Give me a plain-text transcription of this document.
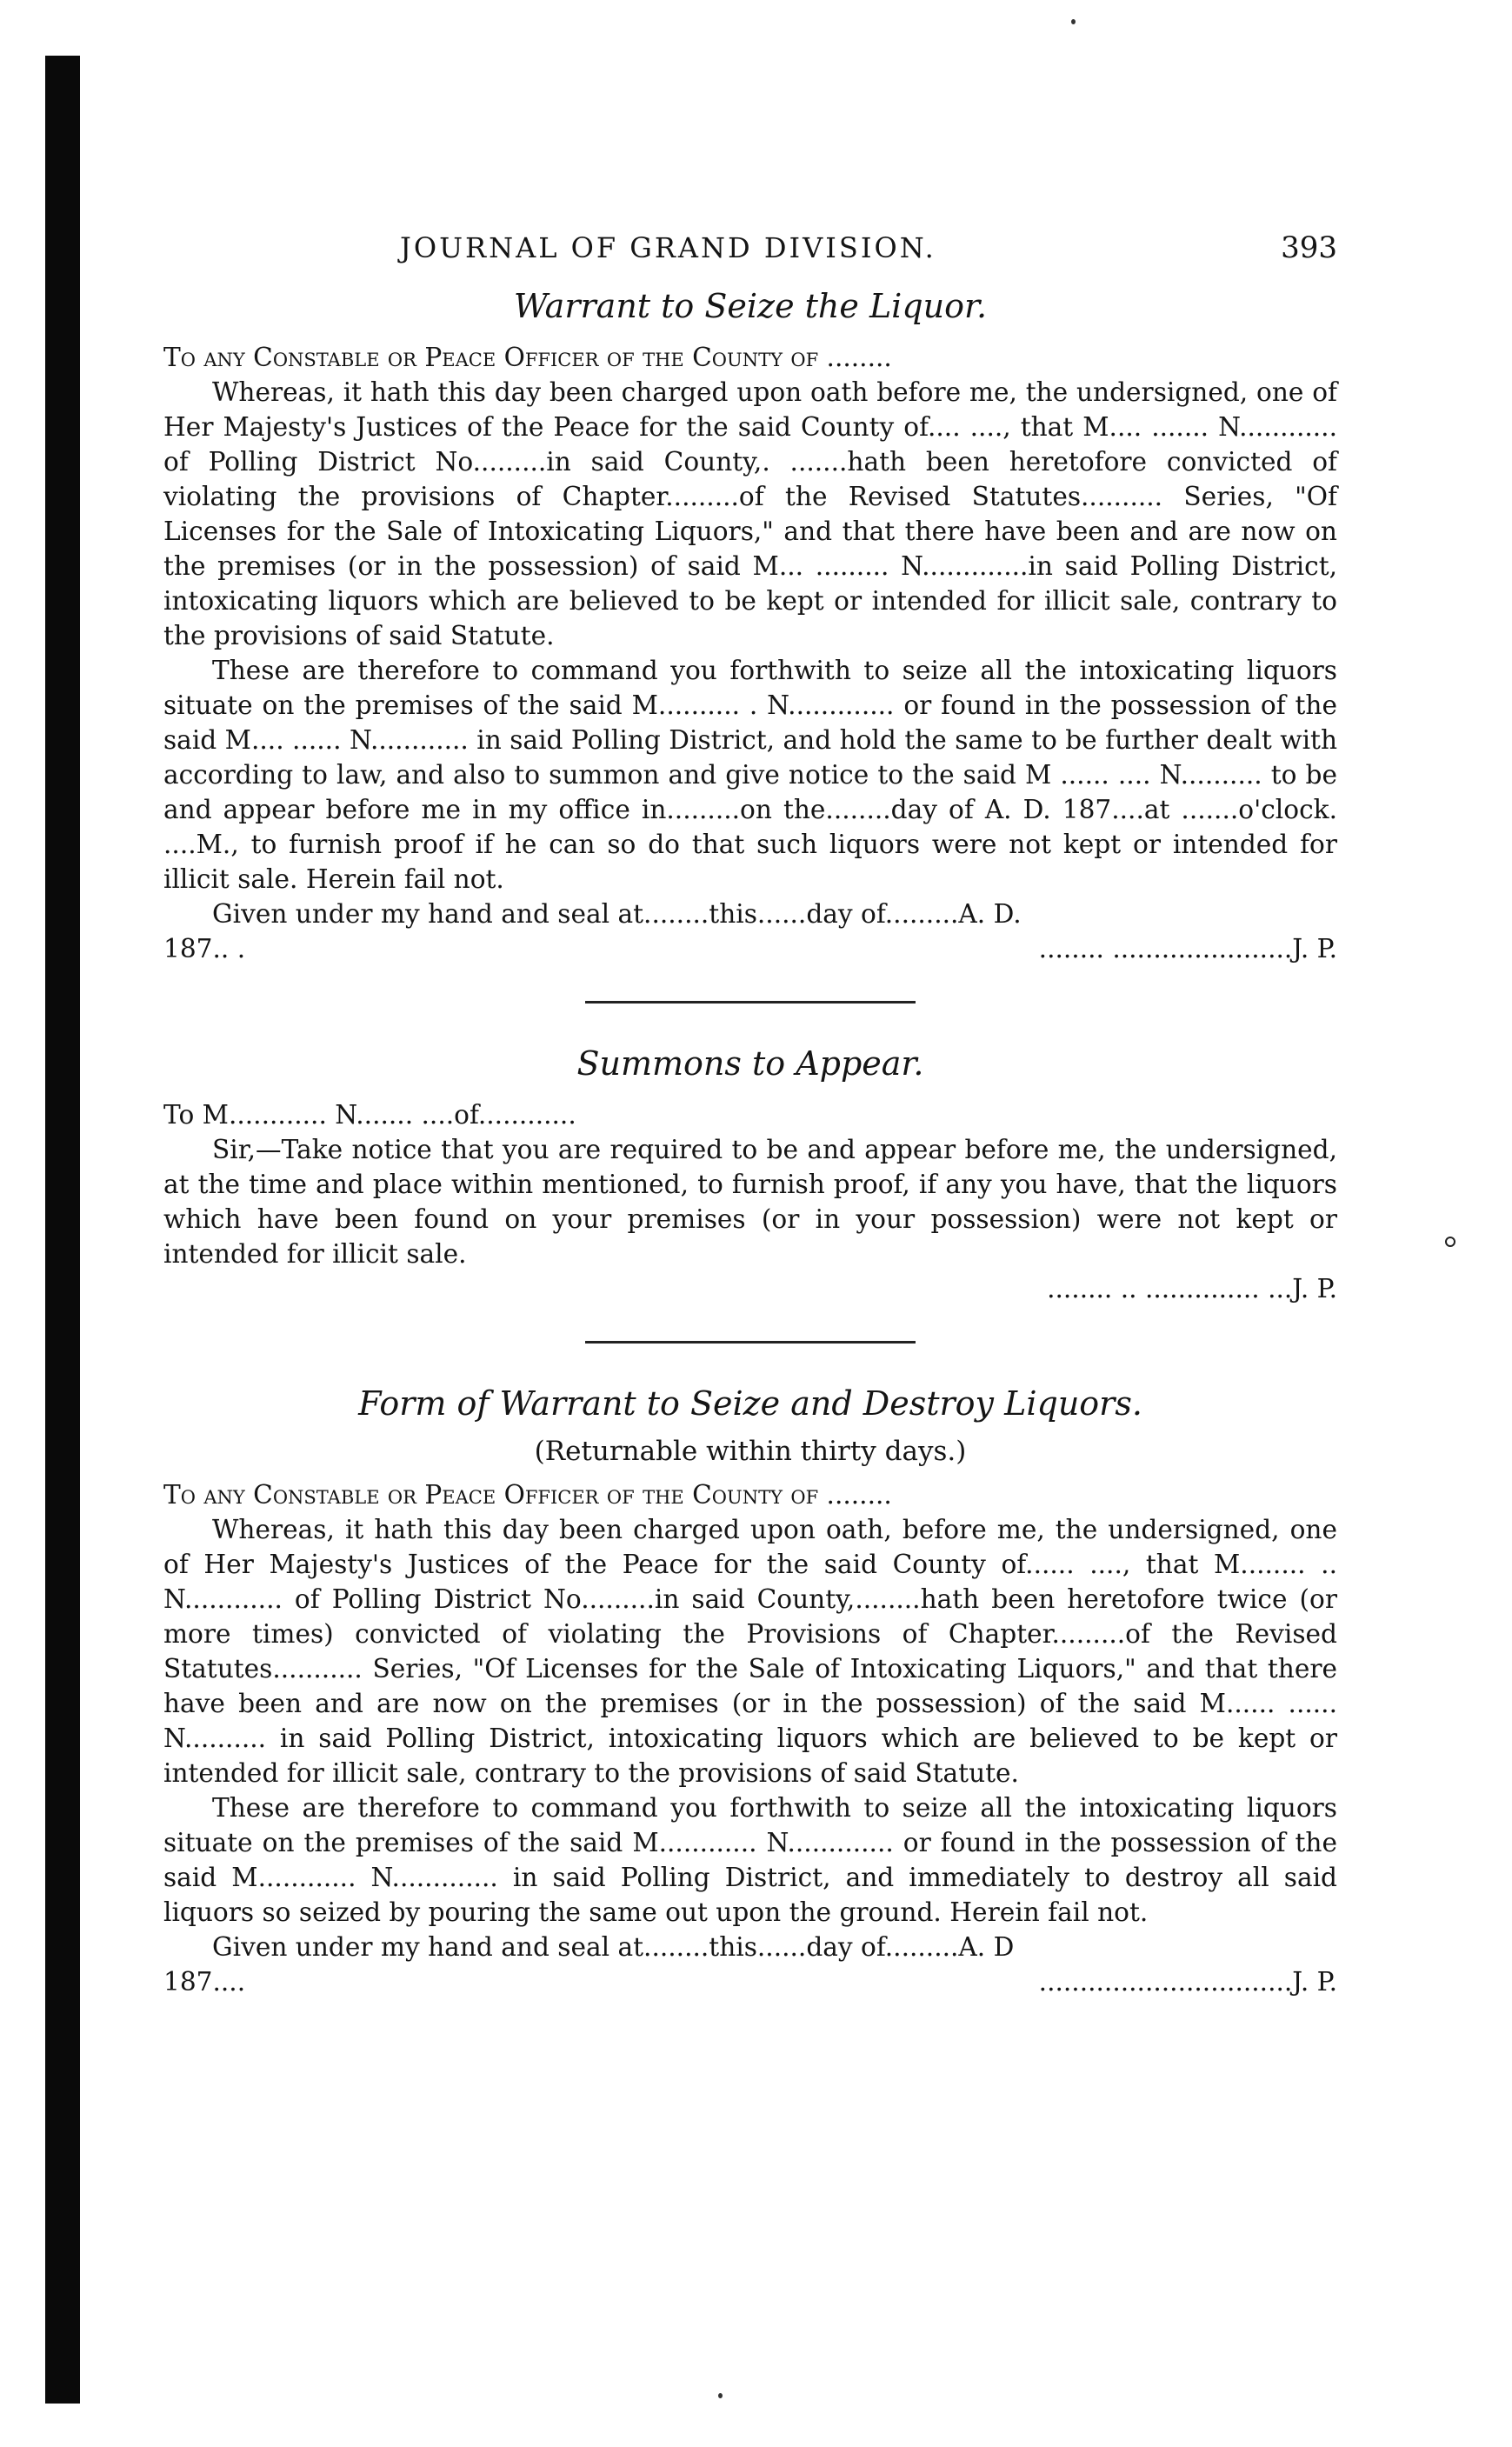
JOURNAL OF GRAND DIVISION.	393
Warrant to Seize the Liquor.

To any Constable or Peace Officer of the County of ........

Whereas, it hath this day been charged upon oath before me, the undersigned, one of Her Majesty's Justices of the Peace for the said County of.... ...., that M.... ....... N............ of Polling District No.........in said County,. .......hath been heretofore convicted of violating the provisions of Chapter.........of the Revised Statutes.......... Series, "Of Licenses for the Sale of Intoxicating Liquors," and that there have been and are now on the premises (or in the possession) of said M... ......... N.............in said Polling District, intoxicating liquors which are believed to be kept or intended for illicit sale, contrary to the provisions of said Statute.

These are therefore to command you forthwith to seize all the intoxicating liquors situate on the premises of the said M.......... . N............. or found in the possession of the said M.... ...... N............ in said Polling District, and hold the same to be further dealt with according to law, and also to summon and give notice to the said M ...... .... N.......... to be and appear before me in my office in.........on the........day of A. D. 187....at .......o'clock. ....M., to furnish proof if he can so do that such liquors were not kept or intended for illicit sale. Herein fail not.

Given under my hand and seal at........this......day of.........A. D.

187.. .	........ ......................J. P.
Summons to Appear.

To M............ N....... ....of............

Sir,—Take notice that you are required to be and appear before me, the undersigned, at the time and place within mentioned, to furnish proof, if any you have, that the liquors which have been found on your premises (or in your possession) were not kept or intended for illicit sale.

........ .. .............. ...J. P.

Form of Warrant to Seize and Destroy Liquors.
(Returnable within thirty days.)

To any Constable or Peace Officer of the County of ........

Whereas, it hath this day been charged upon oath, before me, the undersigned, one of Her Majesty's Justices of the Peace for the said County of...... ...., that M........ .. N............ of Polling District No.........in said County,........hath been heretofore twice (or more times) convicted of violating the Provisions of Chapter.........of the Revised Statutes........... Series, "Of Licenses for the Sale of Intoxicating Liquors," and that there have been and are now on the premises (or in the possession) of the said M...... ...... N.......... in said Polling District, intoxicating liquors which are believed to be kept or intended for illicit sale, contrary to the provisions of said Statute.

These are therefore to command you forthwith to seize all the intoxicating liquors situate on the premises of the said M............ N............. or found in the possession of the said M............ N............. in said Polling District, and immediately to destroy all said liquors so seized by pouring the same out upon the ground. Herein fail not.

Given under my hand and seal at........this......day of.........A. D

187....	...............................J. P.
